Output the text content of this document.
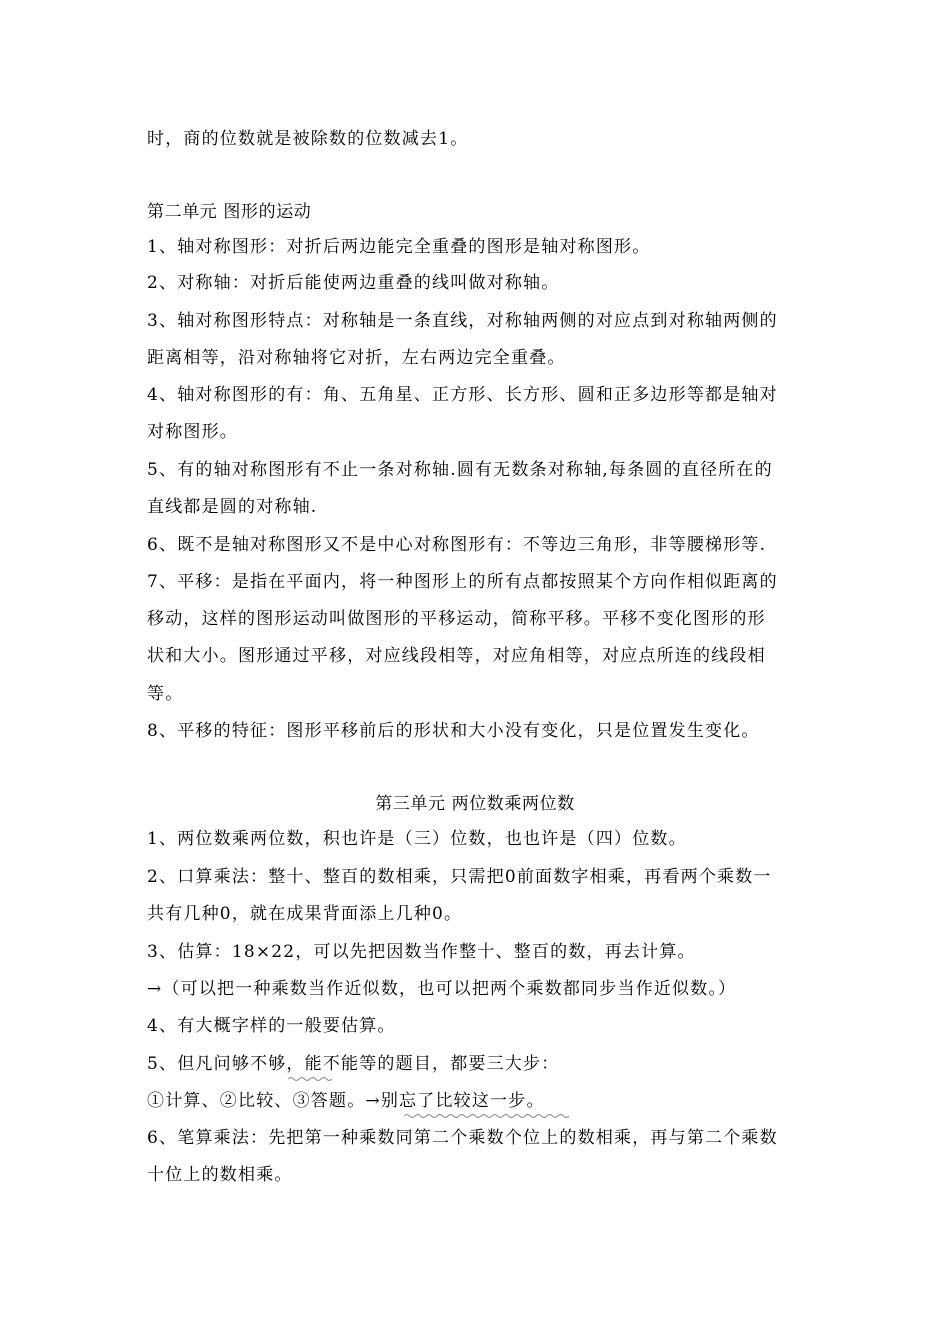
时，商的位数就是被除数的位数减去1。
第二单元 图形的运动
1、轴对称图形：对折后两边能完全重叠的图形是轴对称图形。
2、对称轴：对折后能使两边重叠的线叫做对称轴。
3、轴对称图形特点：对称轴是一条直线，对称轴两侧的对应点到对称轴两侧的
距离相等，沿对称轴将它对折，左右两边完全重叠。
4、轴对称图形的有：角、五角星、正方形、长方形、圆和正多边形等都是轴对
对称图形。
5、有的轴对称图形有不止一条对称轴.圆有无数条对称轴,每条圆的直径所在的
直线都是圆的对称轴.
6、既不是轴对称图形又不是中心对称图形有：不等边三角形，非等腰梯形等.
7、平移：是指在平面内，将一种图形上的所有点都按照某个方向作相似距离的
移动，这样的图形运动叫做图形的平移运动，简称平移。平移不变化图形的形
状和大小。图形通过平移，对应线段相等，对应角相等，对应点所连的线段相
等。
8、平移的特征：图形平移前后的形状和大小没有变化，只是位置发生变化。
第三单元 两位数乘两位数
1、两位数乘两位数，积也许是（三）位数，也也许是（四）位数。
2、口算乘法：整十、整百的数相乘，只需把0前面数字相乘，再看两个乘数一
共有几种0，就在成果背面添上几种0。
3、估算：18×22，可以先把因数当作整十、整百的数，再去计算。
→（可以把一种乘数当作近似数，也可以把两个乘数都同步当作近似数。）
4、有大概字样的一般要估算。
5、但凡问够不够，能不能等的题目，都要三大步：
①计算、②比较、③答题。→别忘了比较这一步。
6、笔算乘法：先把第一种乘数同第二个乘数个位上的数相乘，再与第二个乘数
十位上的数相乘。
